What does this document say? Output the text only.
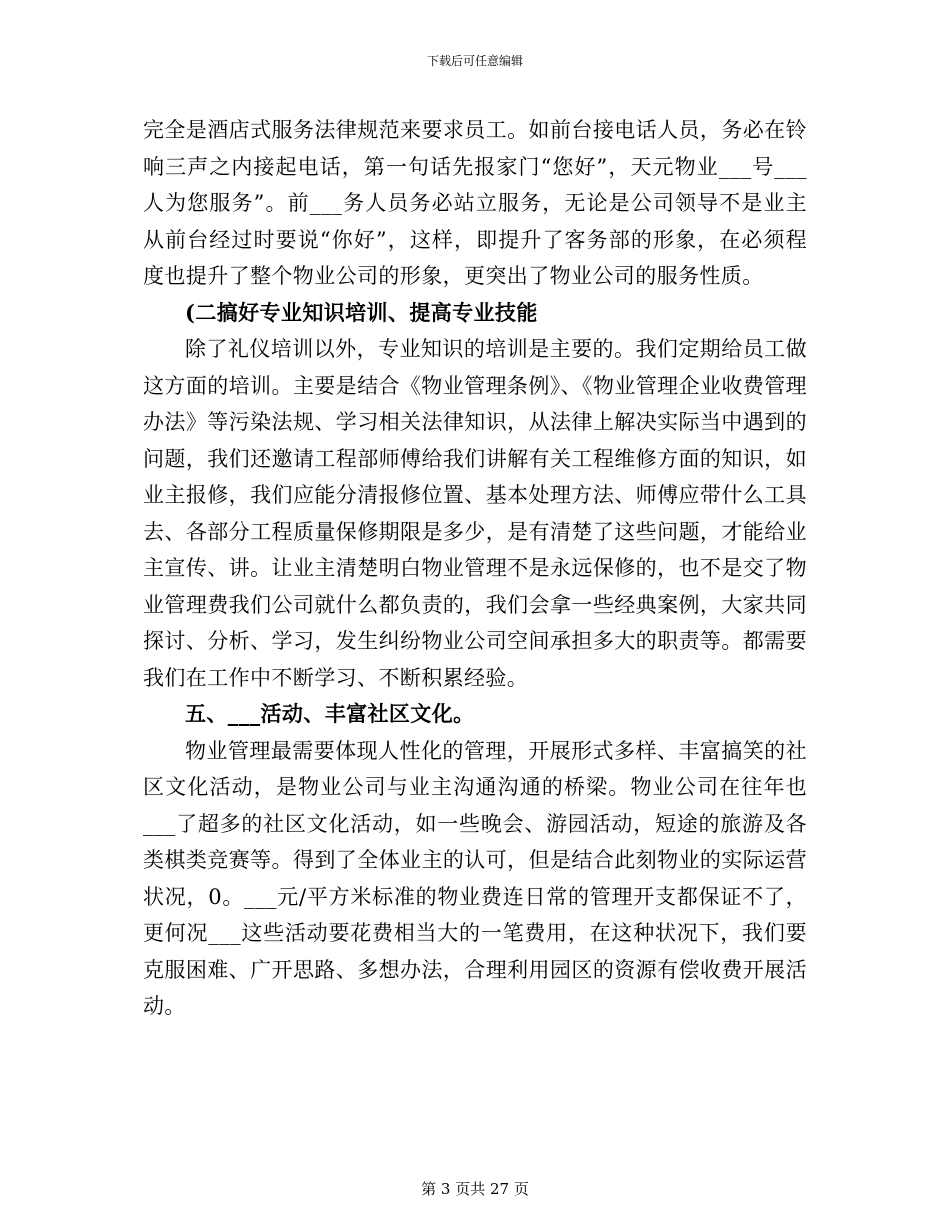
下载后可任意编辑

完全是酒店式服务法律规范来要求员工。如前台接电话人员，务必在铃响三声之内接起电话，第一句话先报家门“您好”，天元物业___号___人为您服务”。前___务人员务必站立服务，无论是公司领导不是业主从前台经过时要说“你好”，这样，即提升了客务部的形象，在必须程度也提升了整个物业公司的形象，更突出了物业公司的服务性质。

(二搞好专业知识培训、提高专业技能

除了礼仪培训以外，专业知识的培训是主要的。我们定期给员工做这方面的培训。主要是结合《物业管理条例》、《物业管理企业收费管理办法》等污染法规、学习相关法律知识，从法律上解决实际当中遇到的问题，我们还邀请工程部师傅给我们讲解有关工程维修方面的知识，如业主报修，我们应能分清报修位置、基本处理方法、师傅应带什么工具去、各部分工程质量保修期限是多少，是有清楚了这些问题，才能给业主宣传、讲。让业主清楚明白物业管理不是永远保修的，也不是交了物业管理费我们公司就什么都负责的，我们会拿一些经典案例，大家共同探讨、分析、学习，发生纠纷物业公司空间承担多大的职责等。都需要我们在工作中不断学习、不断积累经验。

五、___活动、丰富社区文化。

物业管理最需要体现人性化的管理，开展形式多样、丰富搞笑的社区文化活动，是物业公司与业主沟通沟通的桥梁。物业公司在往年也___了超多的社区文化活动，如一些晚会、游园活动，短途的旅游及各类棋类竞赛等。得到了全体业主的认可，但是结合此刻物业的实际运营状况，0。___元/平方米标准的物业费连日常的管理开支都保证不了，更何况___这些活动要花费相当大的一笔费用，在这种状况下，我们要克服困难、广开思路、多想办法，合理利用园区的资源有偿收费开展活动。

第 3 页共 27 页
